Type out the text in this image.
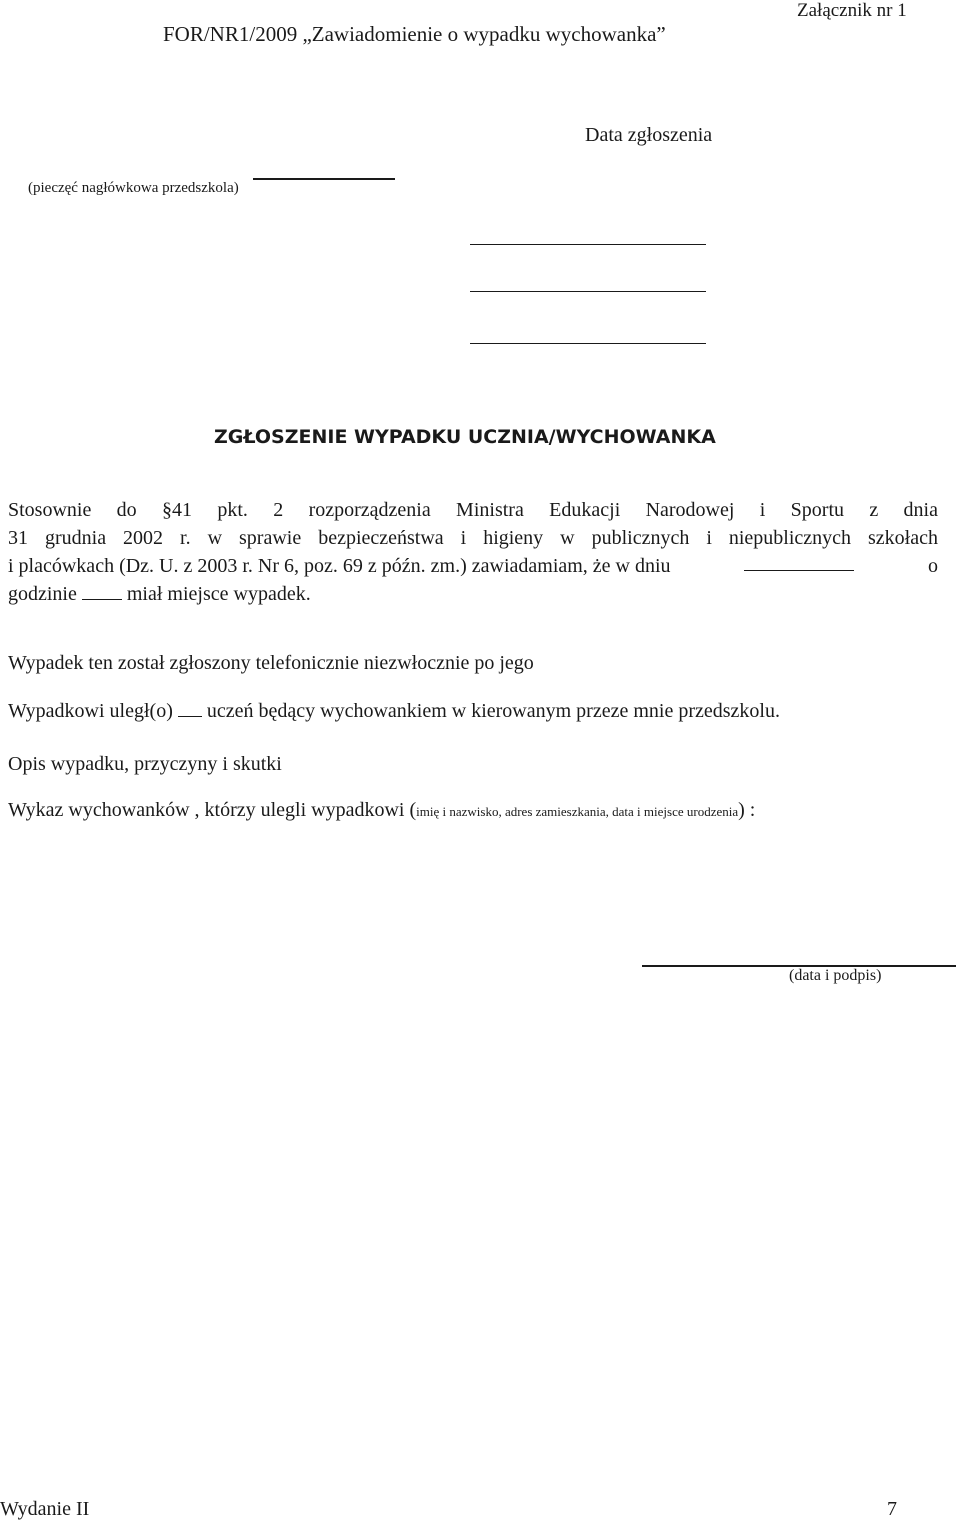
FOR/NR1/2009 „Zawiadomienie o wypadku wychowanka”
Załącznik nr 1
Data zgłoszenia
(pieczęć nagłówkowa przedszkola)
ZGŁOSZENIE WYPADKU UCZNIA/WYCHOWANKA
Stosownie do §41 pkt. 2 rozporządzenia Ministra Edukacji Narodowej i Sportu z dnia
31 grudnia 2002 r. w sprawie bezpieczeństwa i higieny w publicznych i niepublicznych szkołach
i placówkach (Dz. U. z 2003 r. Nr 6, poz. 69 z późn. zm.) zawiadamiam, że w dniu	o
godzinie	miał miejsce wypadek.
Wypadek ten został zgłoszony telefonicznie niezwłocznie po jego
Wypadkowi uległ(o) uczeń będący wychowankiem w kierowanym przeze mnie przedszkolu.
Opis wypadku, przyczyny i skutki
Wykaz wychowanków , którzy ulegli wypadkowi (imię i nazwisko, adres zamieszkania, data i miejsce urodzenia) :
(data i podpis)
Wydanie II	7
